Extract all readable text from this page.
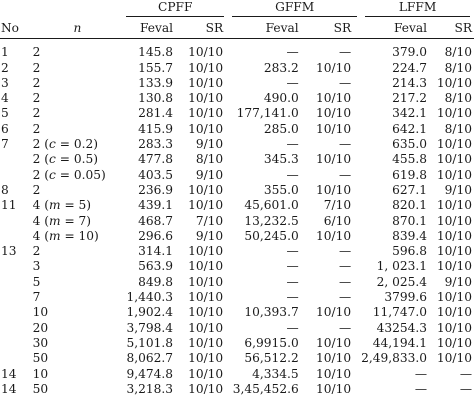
		CPFF		GFFM		LFFM	

No	n	Feval	SR	Feval	SR	Feval	SR
1	2	145.8	10/10	—	—	379.0	8/10
2	2	155.7	10/10	283.2	10/10	224.7	8/10
3	2	133.9	10/10	—	—	214.3	10/10
4	2	130.8	10/10	490.0	10/10	217.2	8/10
5	2	281.4	10/10	177,141.0	10/10	342.1	10/10
6	2	415.9	10/10	285.0	10/10	642.1	8/10
7	2 (c = 0.2)	283.3	9/10	—	—	635.0	10/10
	2 (c = 0.5)	477.8	8/10	345.3	10/10	455.8	10/10
	2 (c = 0.05)	403.5	9/10	—	—	619.8	10/10
8	2	236.9	10/10	355.0	10/10	627.1	9/10
11	4 (m = 5)	439.1	10/10	45,601.0	7/10	820.1	10/10
	4 (m = 7)	468.7	7/10	13,232.5	6/10	870.1	10/10
	4 (m = 10)	296.6	9/10	50,245.0	10/10	839.4	10/10
13	2	314.1	10/10	—	—	596.8	10/10
	3	563.9	10/10	—	—	1, 023.1	10/10
	5	849.8	10/10	—	—	2, 025.4	9/10
	7	1,440.3	10/10	—	—	3799.6	10/10
	10	1,902.4	10/10	10,393.7	10/10	11,747.0	10/10
	20	3,798.4	10/10	—	—	43254.3	10/10
	30	5,101.8	10/10	6,9915.0	10/10	44,194.1	10/10
	50	8,062.7	10/10	56,512.2	10/10	2,49,833.0	10/10
14	10	9,474.8	10/10	4,334.5	10/10	—	—
14	50	3,218.3	10/10	3,45,452.6	10/10	—	—
